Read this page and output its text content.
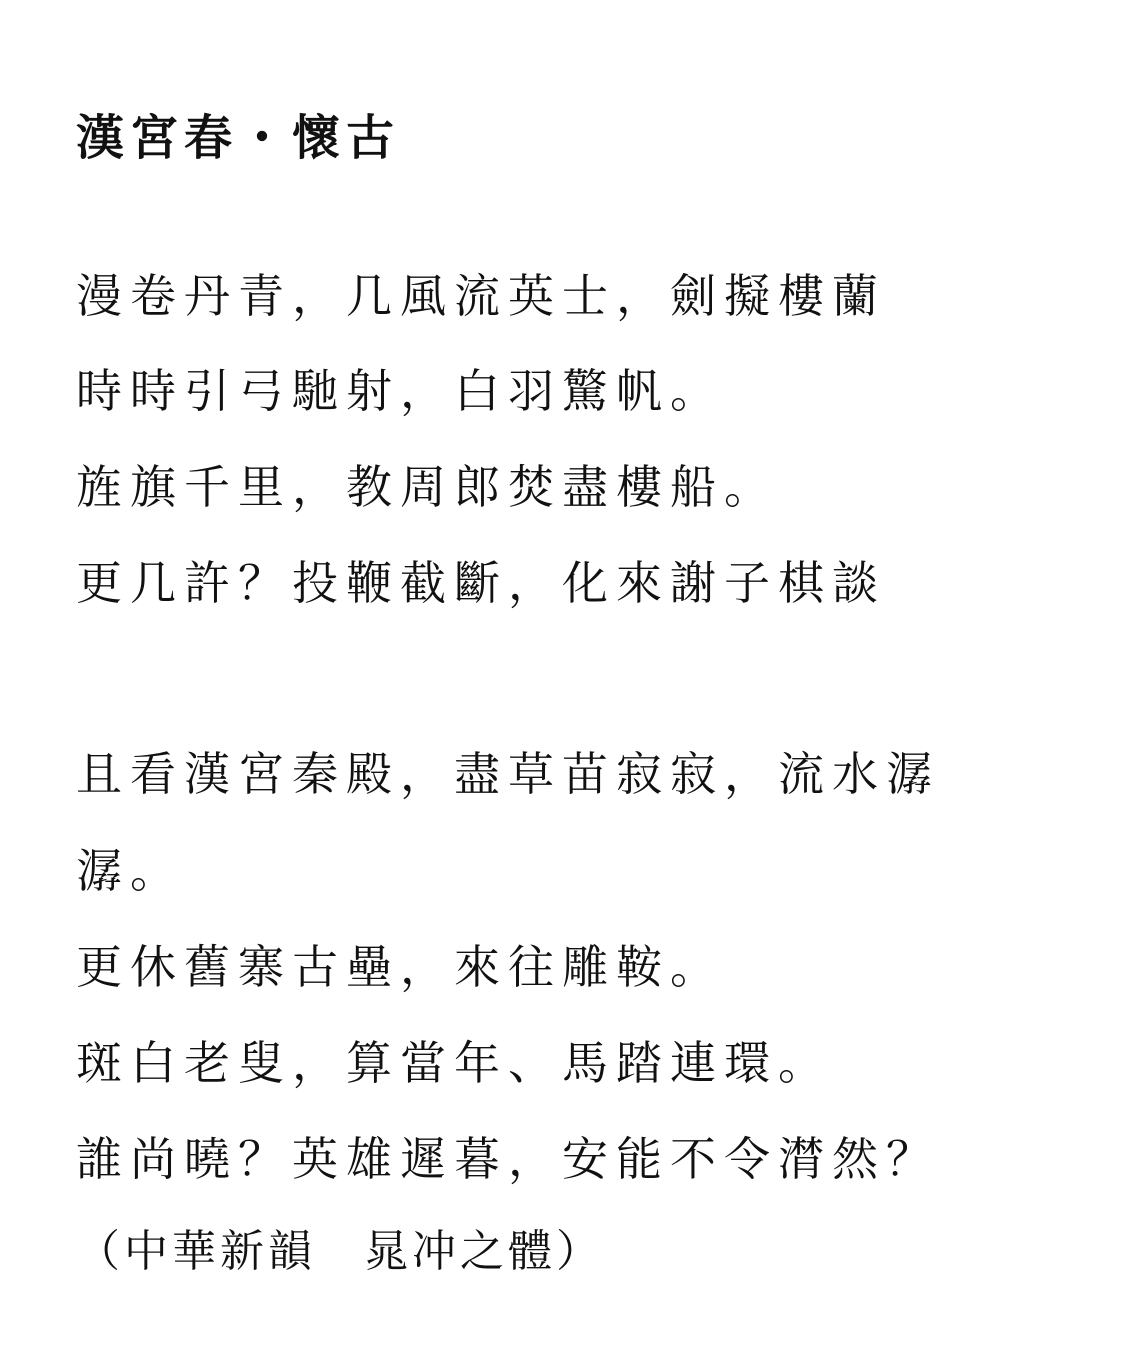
漢宮春・懷古

漫卷丹青，几風流英士，劍擬樓蘭

時時引弓馳射，白羽驚帆。

旌旗千里，教周郎焚盡樓船。

更几許？投鞭截斷，化來謝子棋談

且看漢宮秦殿，盡草苗寂寂，流水潺

潺。

更休舊寨古壘，來往雕鞍。

斑白老叟，算當年、馬踏連環。

誰尚曉？英雄遲暮，安能不令潸然？

（中華新韻　晁冲之體）
